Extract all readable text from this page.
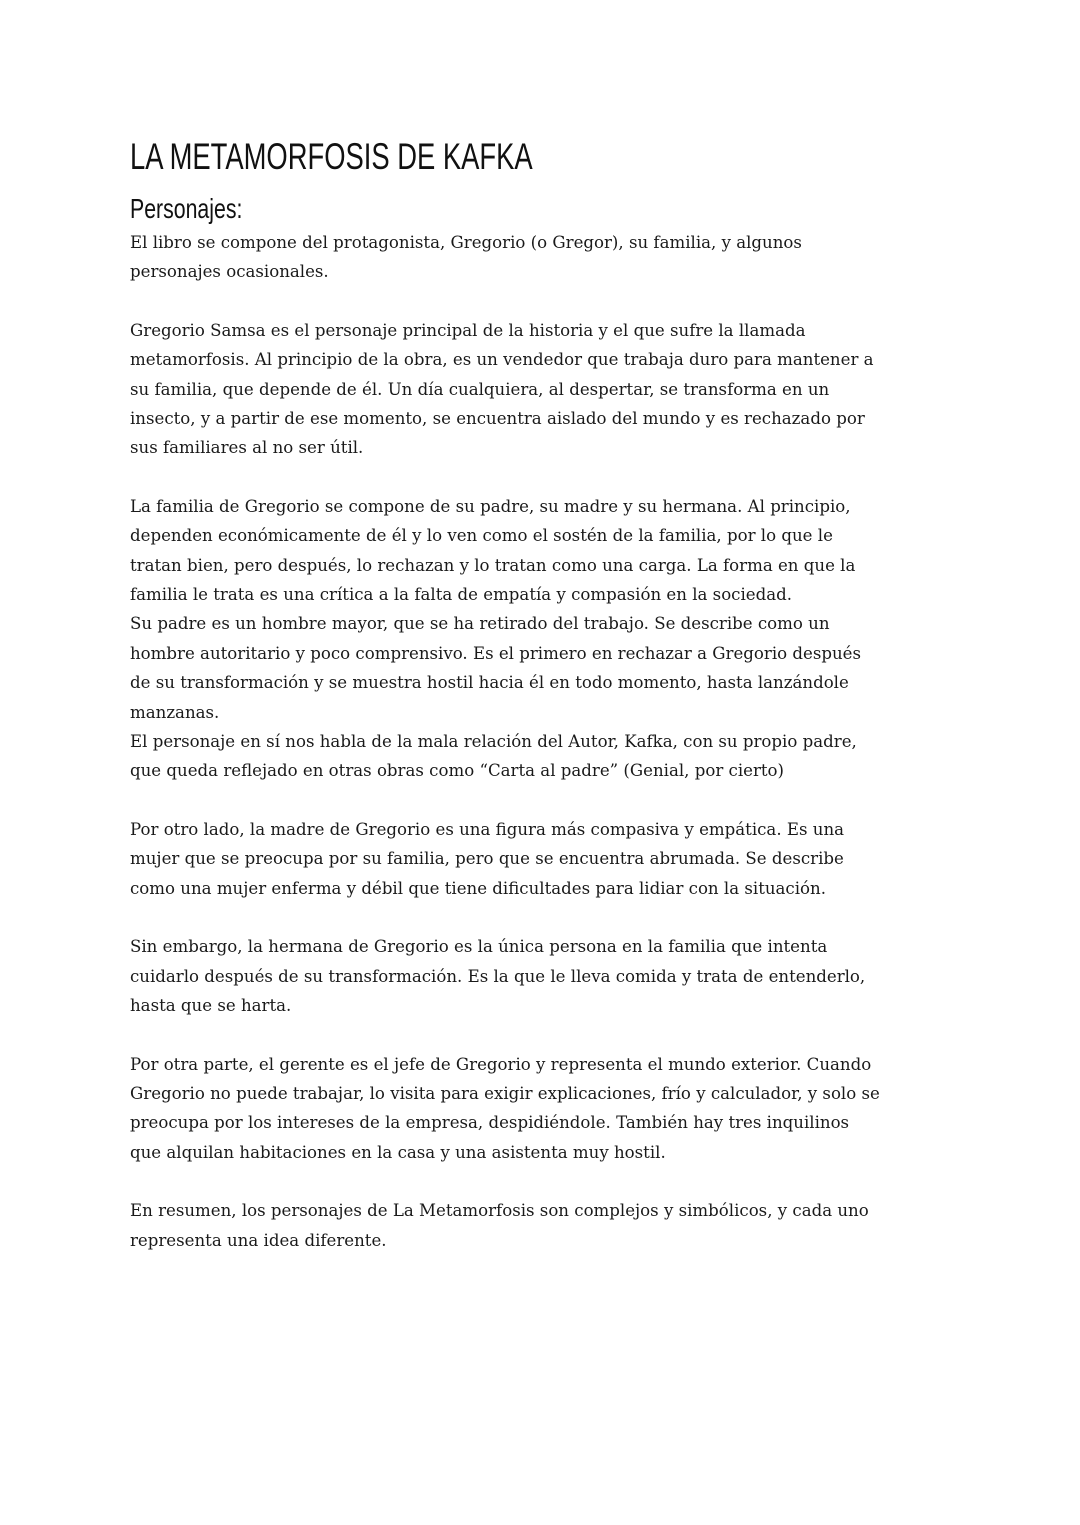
LA METAMORFOSIS DE KAFKA
Personajes:
El libro se compone del protagonista, Gregorio (o Gregor), su familia, y algunos
personajes ocasionales.
Gregorio Samsa es el personaje principal de la historia y el que sufre la llamada
metamorfosis. Al principio de la obra, es un vendedor que trabaja duro para mantener a
su familia, que depende de él. Un día cualquiera, al despertar, se transforma en un
insecto, y a partir de ese momento, se encuentra aislado del mundo y es rechazado por
sus familiares al no ser útil.
La familia de Gregorio se compone de su padre, su madre y su hermana. Al principio,
dependen económicamente de él y lo ven como el sostén de la familia, por lo que le
tratan bien, pero después, lo rechazan y lo tratan como una carga. La forma en que la
familia le trata es una crítica a la falta de empatía y compasión en la sociedad.
Su padre es un hombre mayor, que se ha retirado del trabajo. Se describe como un
hombre autoritario y poco comprensivo. Es el primero en rechazar a Gregorio después
de su transformación y se muestra hostil hacia él en todo momento, hasta lanzándole
manzanas.
El personaje en sí nos habla de la mala relación del Autor, Kafka, con su propio padre,
que queda reflejado en otras obras como “Carta al padre” (Genial, por cierto)
Por otro lado, la madre de Gregorio es una figura más compasiva y empática. Es una
mujer que se preocupa por su familia, pero que se encuentra abrumada. Se describe
como una mujer enferma y débil que tiene dificultades para lidiar con la situación.
Sin embargo, la hermana de Gregorio es la única persona en la familia que intenta
cuidarlo después de su transformación. Es la que le lleva comida y trata de entenderlo,
hasta que se harta.
Por otra parte, el gerente es el jefe de Gregorio y representa el mundo exterior. Cuando
Gregorio no puede trabajar, lo visita para exigir explicaciones, frío y calculador, y solo se
preocupa por los intereses de la empresa, despidiéndole. También hay tres inquilinos
que alquilan habitaciones en la casa y una asistenta muy hostil.
En resumen, los personajes de La Metamorfosis son complejos y simbólicos, y cada uno
representa una idea diferente.
